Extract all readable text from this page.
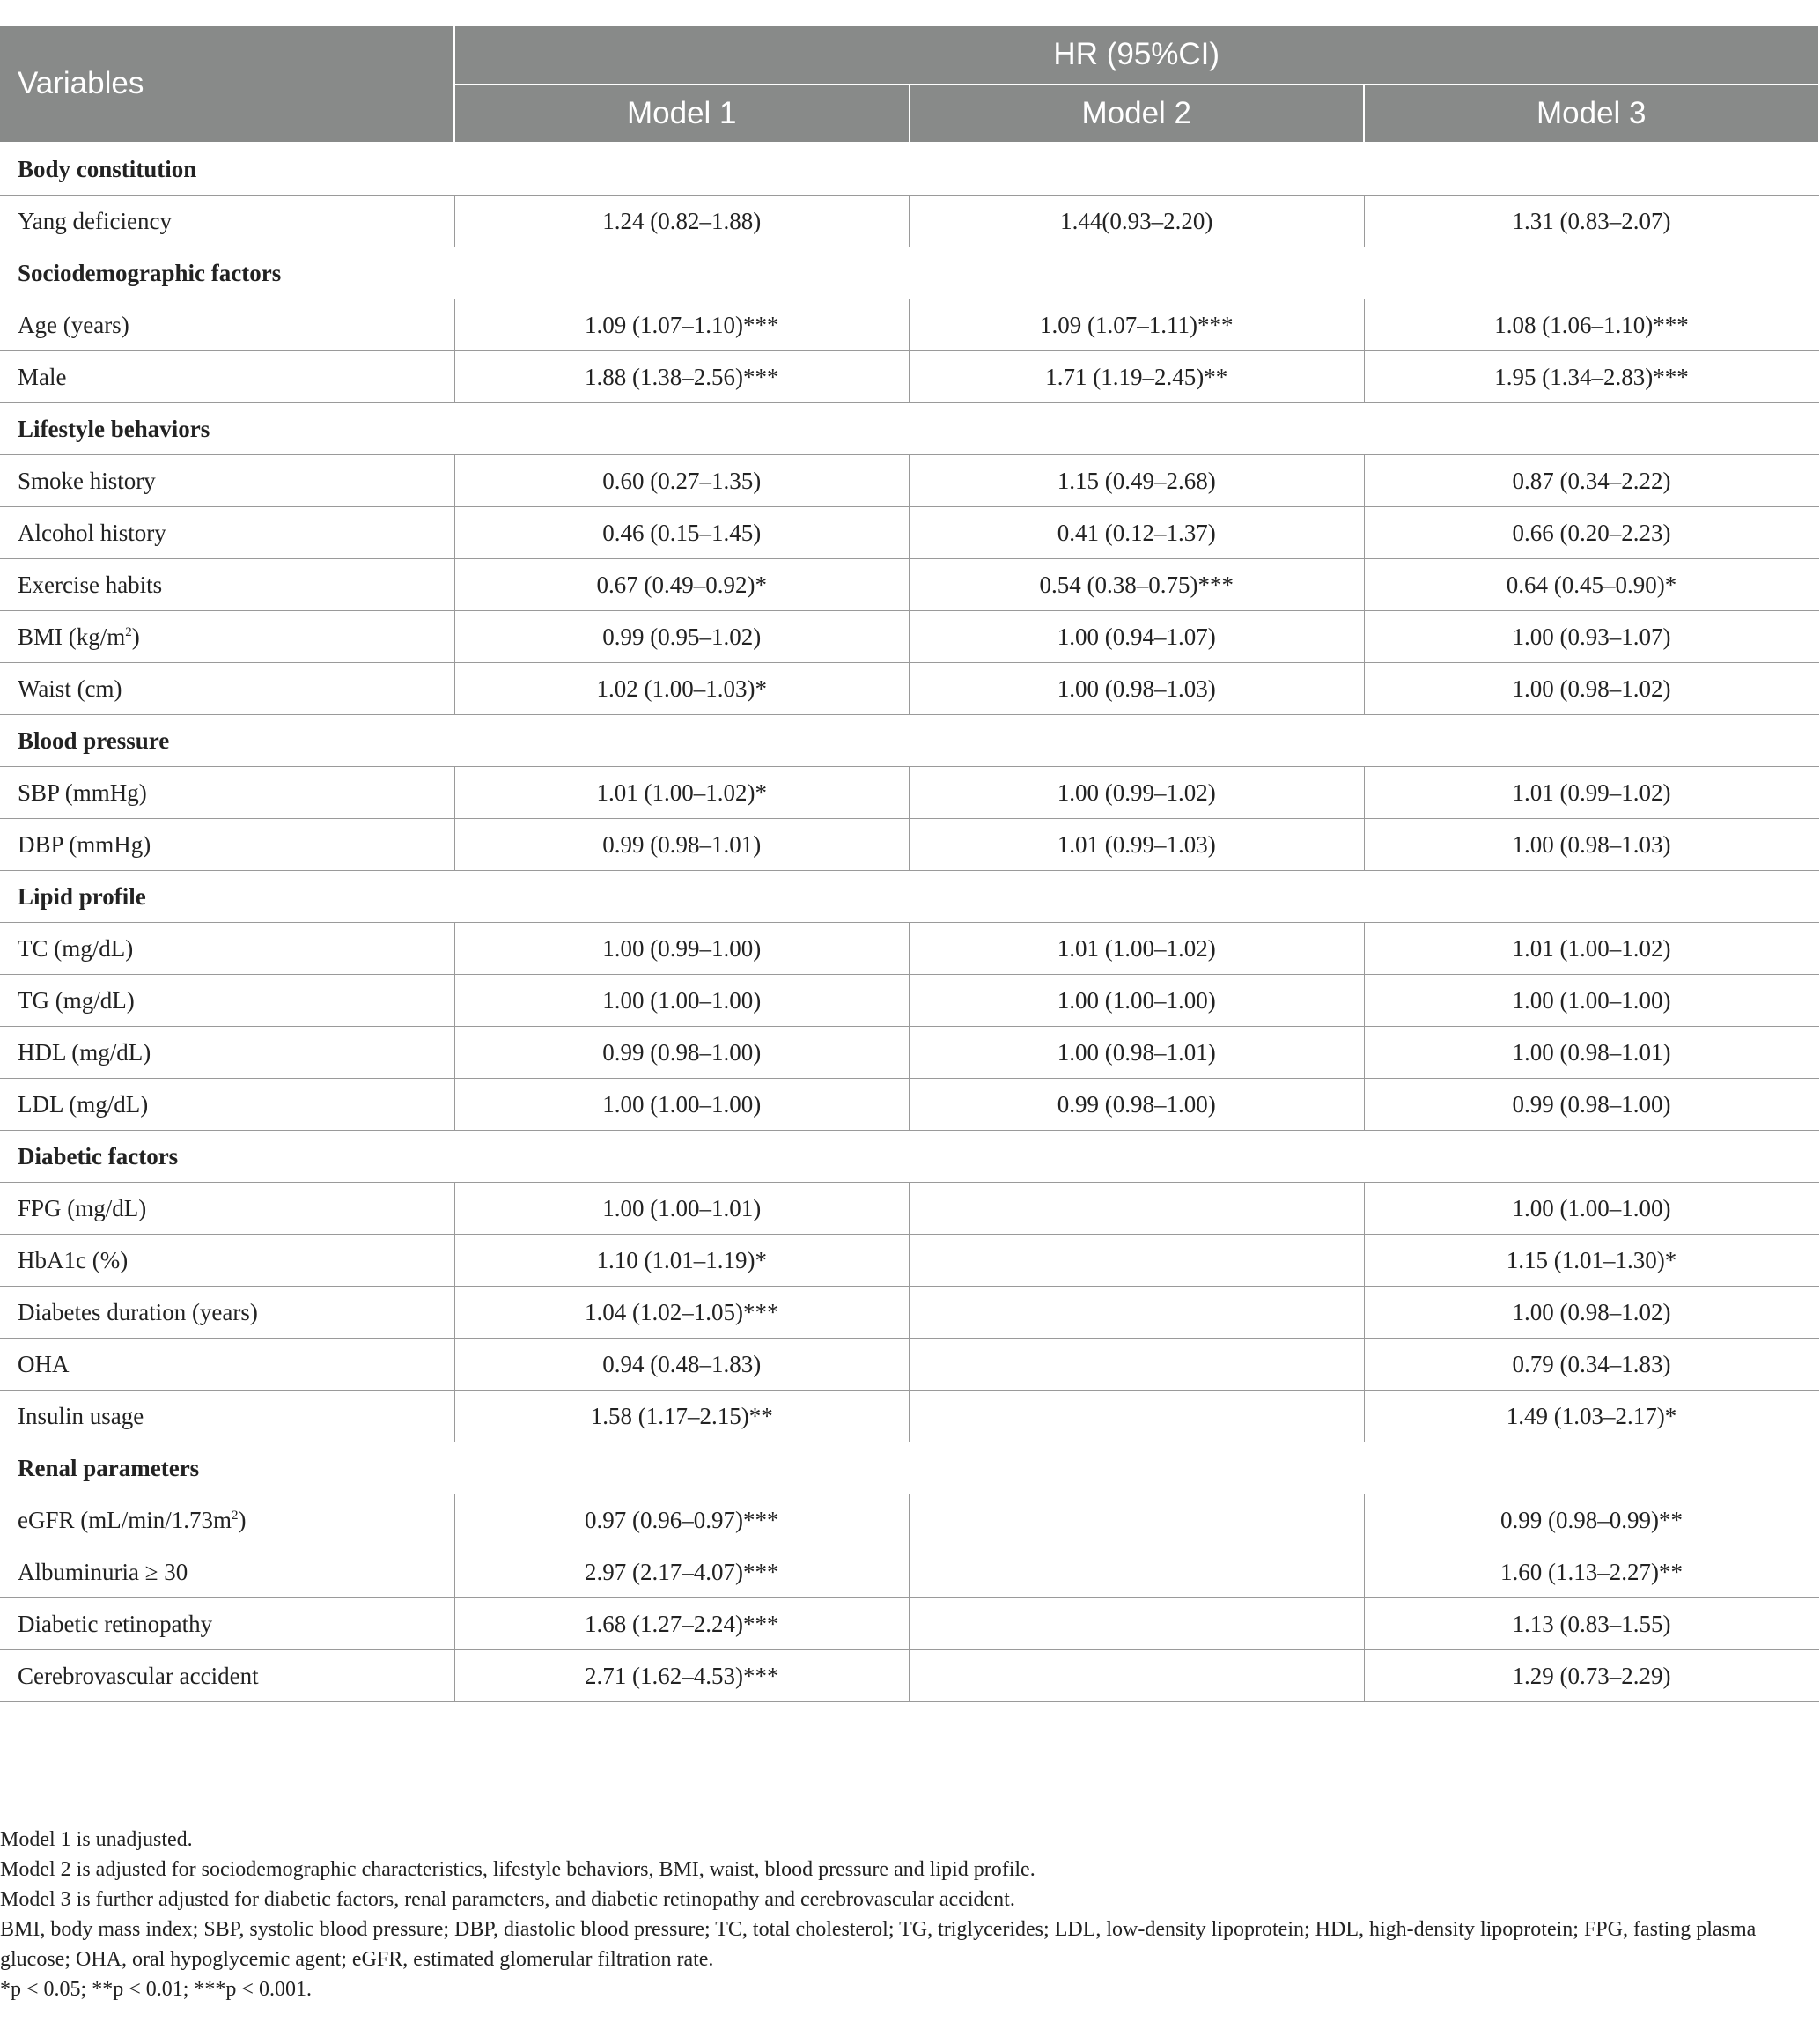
Variables	HR (95%CI)		
	Model 1	Model 2	Model 3
Body constitution			
Yang deficiency	1.24 (0.82–1.88)	1.44(0.93–2.20)	1.31 (0.83–2.07)
Sociodemographic factors			
Age (years)	1.09 (1.07–1.10)***	1.09 (1.07–1.11)***	1.08 (1.06–1.10)***
Male	1.88 (1.38–2.56)***	1.71 (1.19–2.45)**	1.95 (1.34–2.83)***
Lifestyle behaviors			
Smoke history	0.60 (0.27–1.35)	1.15 (0.49–2.68)	0.87 (0.34–2.22)
Alcohol history	0.46 (0.15–1.45)	0.41 (0.12–1.37)	0.66 (0.20–2.23)
Exercise habits	0.67 (0.49–0.92)*	0.54 (0.38–0.75)***	0.64 (0.45–0.90)*
BMI $(kg/m^2)$	0.99 (0.95–1.02)	1.00 (0.94–1.07)	1.00 (0.93–1.07)
Waist (cm)	1.02 (1.00–1.03)*	1.00 (0.98–1.03)	1.00 (0.98–1.02)
Blood pressure			
SBP (mmHg)	1.01 (1.00–1.02)*	1.00 (0.99–1.02)	1.01 (0.99–1.02)
DBP (mmHg)	0.99 (0.98–1.01)	1.01 (0.99–1.03)	1.00 (0.98–1.03)
Lipid profile			
TC (mg/dL)	1.00 (0.99–1.00)	1.01 (1.00–1.02)	1.01 (1.00–1.02)
TG (mg/dL)	1.00 (1.00–1.00)	1.00 (1.00–1.00)	1.00 (1.00–1.00)
HDL (mg/dL)	0.99 (0.98–1.00)	1.00 (0.98–1.01)	1.00 (0.98–1.01)
LDL (mg/dL)	1.00 (1.00–1.00)	0.99 (0.98–1.00)	0.99 (0.98–1.00)
Diabetic factors			
FPG (mg/dL)	1.00 (1.00–1.01)		1.00 (1.00–1.00)
HbA1c (%)	1.10 (1.01–1.19)*		1.15 (1.01–1.30)*
Diabetes duration (years)	1.04 (1.02–1.05)***		1.00 (0.98–1.02)
OHA	0.94 (0.48–1.83)		0.79 (0.34–1.83)
Insulin usage	1.58 (1.17–2.15)**		1.49 (1.03–2.17)*
Renal parameters			
eGFR $(mL/\min/1.73m^2)$	0.97 (0.96–0.97)***		0.99 (0.98–0.99)**
Albuminuria ≥ 30	2.97 (2.17–4.07)***		1.60 (1.13–2.27)**
Diabetic retinopathy	1.68 (1.27–2.24)***		1.13 (0.83–1.55)
Cerebrovascular accident	2.71 (1.62–4.53)***		1.29 (0.73–2.29)

Model 1 is unadjusted.

Model 2 is adjusted for sociodemographic characteristics, lifestyle behaviors, BMI, waist, blood pressure and lipid profile.

Model 3 is further adjusted for diabetic factors, renal parameters, and diabetic retinopathy and cerebrovascular accident.

BMI, body mass index; SBP, systolic blood pressure; DBP, diastolic blood pressure; TC, total cholesterol; TG, triglycerides; LDL, low-density lipoprotein; HDL, high-density lipoprotein; FPG, fasting plasma glucose; OHA, oral hypoglycemic agent; eGFR, estimated glomerular filtration rate.

*p < 0.05; **p < 0.01; ***p < 0.001.
